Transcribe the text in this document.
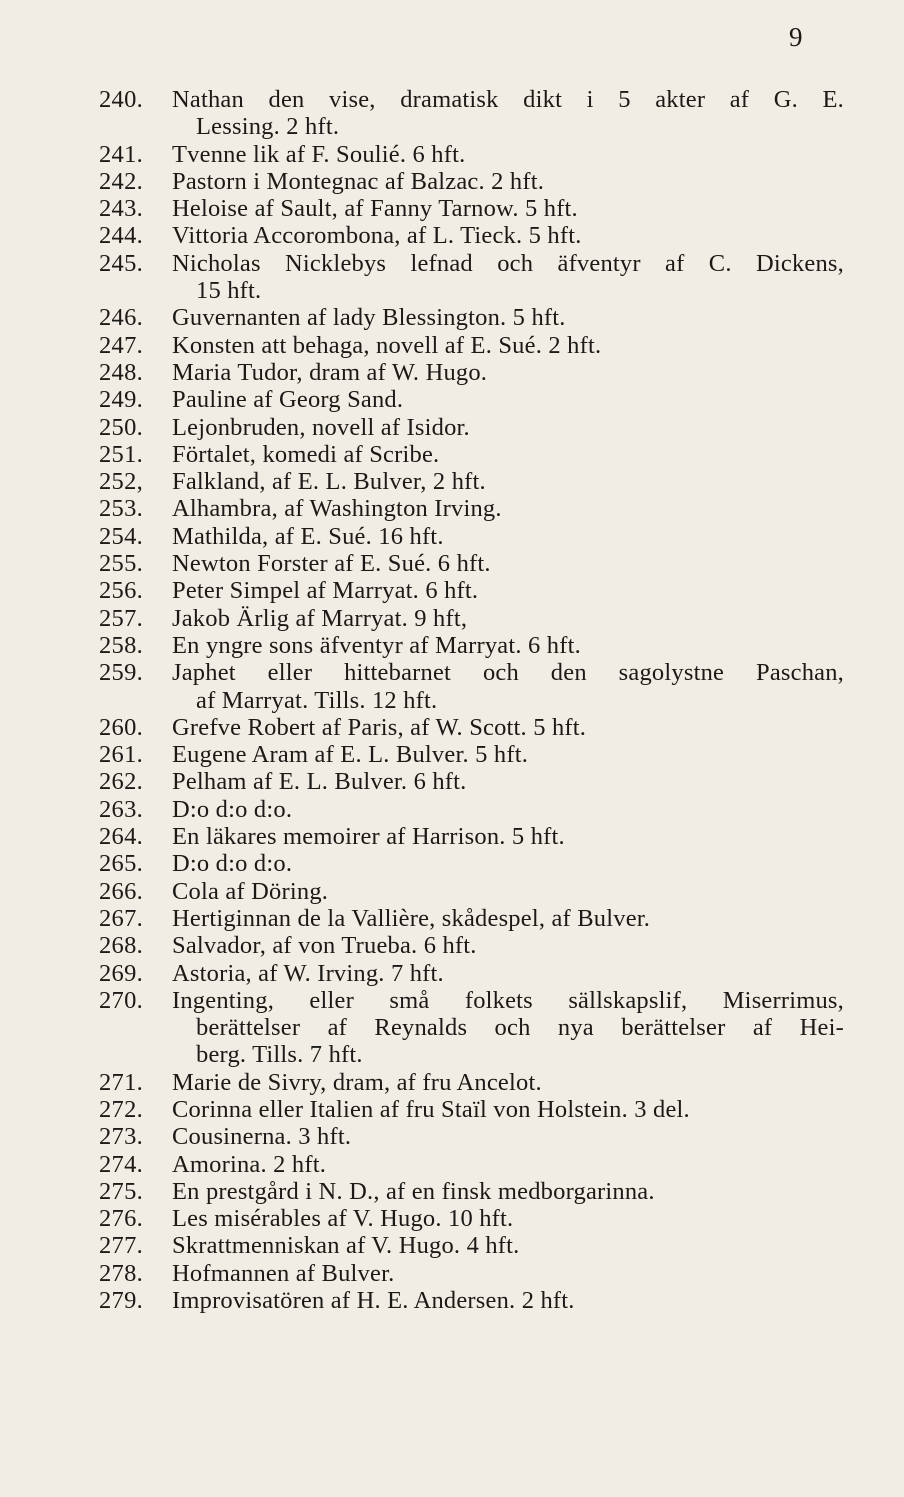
9
240.	Nathan den vise, dramatisk dikt i 5 akter af G. E.
Lessing. 2 hft.
241.	Tvenne lik af F. Soulié. 6 hft.
242.	Pastorn i Montegnac af Balzac. 2 hft.
243.	Heloise af Sault, af Fanny Tarnow. 5 hft.
244.	Vittoria Accorombona, af L. Tieck. 5 hft.
245.	Nicholas Nicklebys lefnad och äfventyr af C. Dickens,
15 hft.
246.	Guvernanten af lady Blessington. 5 hft.
247.	Konsten att behaga, novell af E. Sué. 2 hft.
248.	Maria Tudor, dram af W. Hugo.
249.	Pauline af Georg Sand.
250.	Lejonbruden, novell af Isidor.
251.	Förtalet, komedi af Scribe.
252,	Falkland, af E. L. Bulver, 2 hft.
253.	Alhambra, af Washington Irving.
254.	Mathilda, af E. Sué. 16 hft.
255.	Newton Forster af E. Sué. 6 hft.
256.	Peter Simpel af Marryat. 6 hft.
257.	Jakob Ärlig af Marryat. 9 hft,
258.	En yngre sons äfventyr af Marryat. 6 hft.
259.	Japhet eller hittebarnet och den sagolystne Paschan,
af Marryat. Tills. 12 hft.
260.	Grefve Robert af Paris, af W. Scott. 5 hft.
261.	Eugene Aram af E. L. Bulver. 5 hft.
262.	Pelham af E. L. Bulver. 6 hft.
263.	D:o d:o d:o.
264.	En läkares memoirer af Harrison. 5 hft.
265.	D:o d:o d:o.
266.	Cola af Döring.
267.	Hertiginnan de la Vallière, skådespel, af Bulver.
268.	Salvador, af von Trueba. 6 hft.
269.	Astoria, af W. Irving. 7 hft.
270.	Ingenting, eller små folkets sällskapslif, Miserrimus,
berättelser af Reynalds och nya berättelser af Hei-
berg. Tills. 7 hft.
271.	Marie de Sivry, dram, af fru Ancelot.
272.	Corinna eller Italien af fru Staïl von Holstein. 3 del.
273.	Cousinerna. 3 hft.
274.	Amorina. 2 hft.
275.	En prestgård i N. D., af en finsk medborgarinna.
276.	Les misérables af V. Hugo. 10 hft.
277.	Skrattmenniskan af V. Hugo. 4 hft.
278.	Hofmannen af Bulver.
279.	Improvisatören af H. E. Andersen. 2 hft.
